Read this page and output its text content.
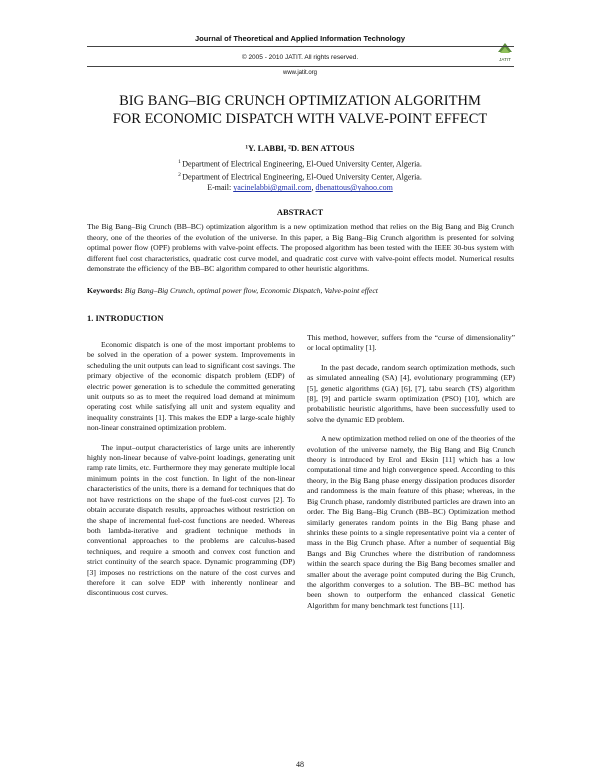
Journal of Theoretical and Applied Information Technology
© 2005 - 2010 JATIT. All rights reserved.
www.jatit.org
JATIT
BIG BANG–BIG CRUNCH OPTIMIZATION ALGORITHM
FOR ECONOMIC DISPATCH WITH VALVE-POINT EFFECT
¹Y. LABBI, ²D. BEN ATTOUS
$^1$ Department of Electrical Engineering, El-Oued University Center, Algeria.
$^2$ Department of Electrical Engineering, El-Oued University Center, Algeria.
E-mail: yacinelabbi@gmail.com, dbenattous@yahoo.com
ABSTRACT
The Big Bang–Big Crunch (BB–BC) optimization algorithm is a new optimization method that relies on the Big Bang and Big Crunch theory, one of the theories of the evolution of the universe. In this paper, a Big Bang–Big Crunch algorithm is presented for solving optimal power flow (OPF) problems with valve-point effects. The proposed algorithm has been tested with the IEEE 30-bus system with different fuel cost characteristics, quadratic cost curve model, and quadratic cost curve with valve-point effects model. Numerical results demonstrate the efficiency of the BB–BC algorithm compared to other heuristic algorithms.
Keywords: Big Bang–Big Crunch, optimal power flow, Economic Dispatch, Valve-point effect
1. INTRODUCTION

Economic dispatch is one of the most important problems to be solved in the operation of a power system. Improvements in scheduling the unit outputs can lead to significant cost savings. The primary objective of the economic dispatch problem (EDP) of electric power generation is to schedule the committed generating unit outputs so as to meet the required load demand at minimum operating cost while satisfying all unit and system equality and inequality constraints [1]. This makes the EDP a large-scale highly non-linear constrained optimization problem.

The input–output characteristics of large units are inherently highly non-linear because of valve-point loadings, generating unit ramp rate limits, etc. Furthermore they may generate multiple local minimum points in the cost function. In light of the non-linear characteristics of the units, there is a demand for techniques that do not have restrictions on the shape of the fuel-cost curves [2]. To obtain accurate dispatch results, approaches without restriction on the shape of incremental fuel-cost functions are needed. Whereas both lambda-iterative and gradient technique methods in conventional approaches to the problems are calculus-based techniques, and require a smooth and convex cost function and strict continuity of the search space. Dynamic programming (DP) [3] imposes no restrictions on the nature of the cost curves and therefore it can solve EDP with inherently nonlinear and discontinuous cost curves.

This method, however, suffers from the “curse of dimensionality” or local optimality [1].

In the past decade, random search optimization methods, such as simulated annealing (SA) [4], evolutionary programming (EP) [5], genetic algorithms (GA) [6], [7], tabu search (TS) algorithm [8], [9] and particle swarm optimization (PSO) [10], which are probabilistic heuristic algorithms, have been successfully used to solve the dynamic ED problem.

A new optimization method relied on one of the theories of the evolution of the universe namely, the Big Bang and Big Crunch theory is introduced by Erol and Eksin [11] which has a low computational time and high convergence speed. According to this theory, in the Big Bang phase energy dissipation produces disorder and randomness is the main feature of this phase; whereas, in the Big Crunch phase, randomly distributed particles are drawn into an order. The Big Bang–Big Crunch (BB–BC) Optimization method similarly generates random points in the Big Bang phase and shrinks these points to a single representative point via a center of mass in the Big Crunch phase. After a number of sequential Big Bangs and Big Crunches where the distribution of randomness within the search space during the Big Bang becomes smaller and smaller about the average point computed during the Big Crunch, the algorithm converges to a solution. The BB–BC method has been shown to outperform the enhanced classical Genetic Algorithm for many benchmark test functions [11].

48
